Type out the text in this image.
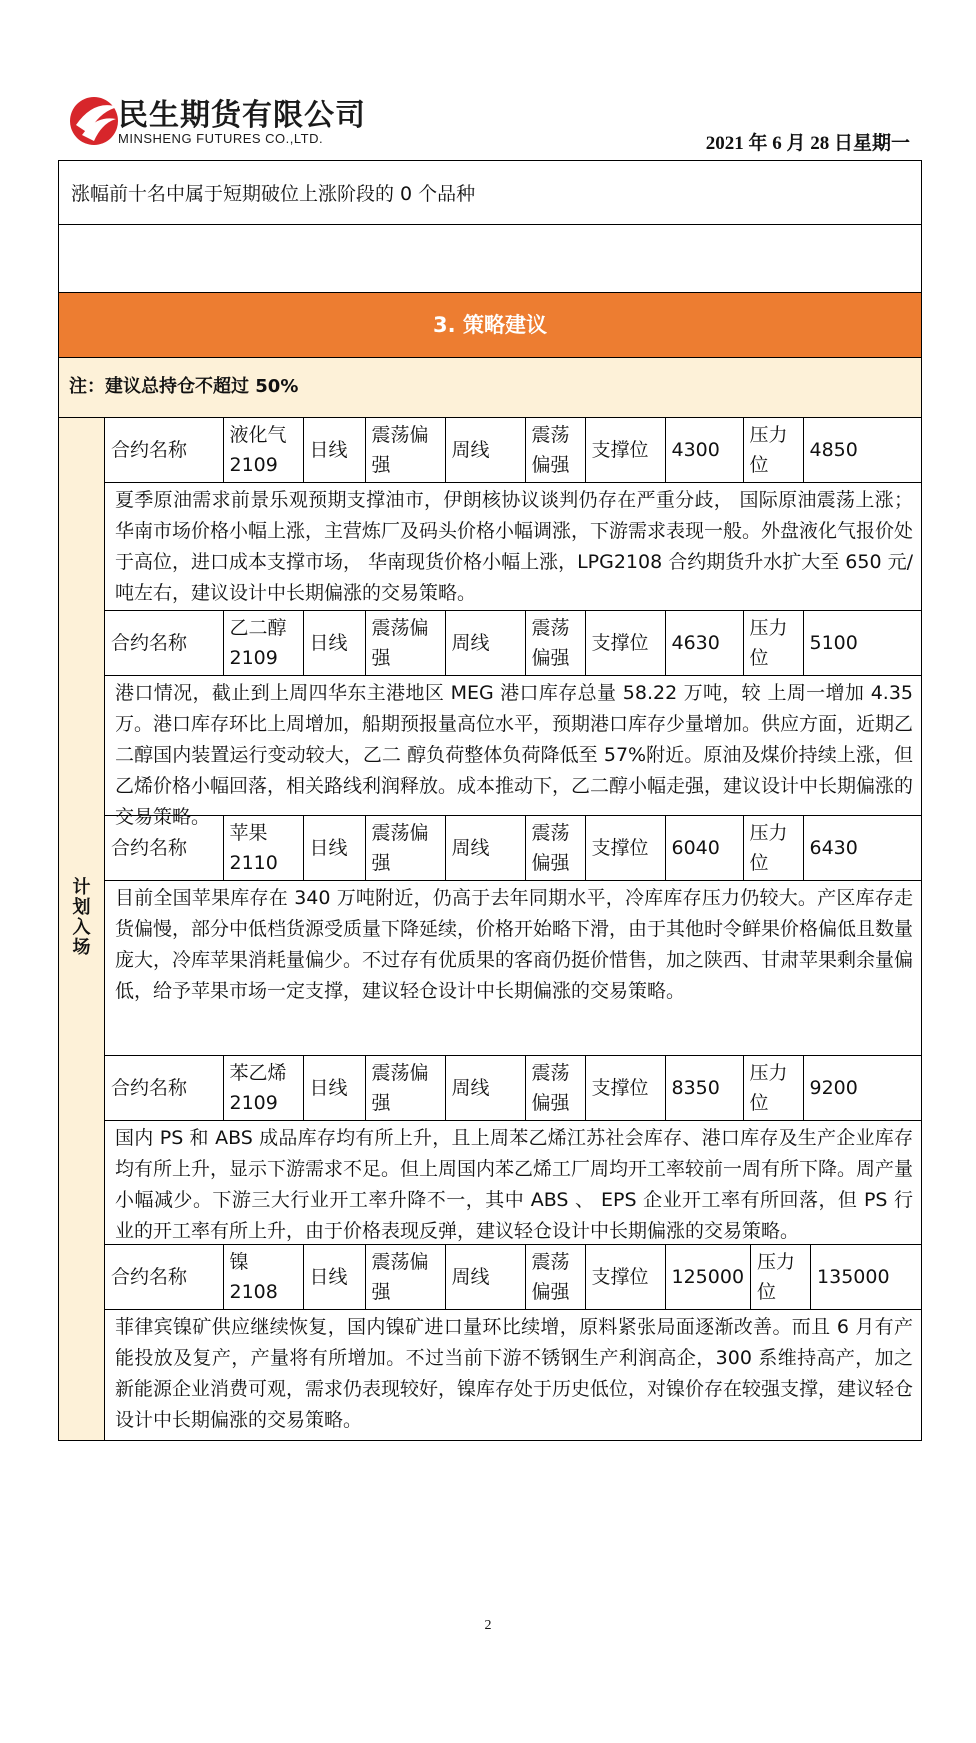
民生期货有限公司
MINSHENG FUTURES CO.,LTD.	2021 年 6 月 28 日星期一
涨幅前十名中属于短期破位上涨阶段的 0 个品种
3. 策略建议
注：建议总持仓不超过 50%
计
划
入
场
合约名称	液化气 2109	日线	震荡偏强	周线	震荡偏强	支撑位	4300	压力位	4850
夏季原油需求前景乐观预期支撑油市，伊朗核协议谈判仍存在严重分歧， 国际原油震荡上涨；华南市场价格小幅上涨，主营炼厂及码头价格小幅调涨，下游需求表现一般。外盘液化气报价处于高位，进口成本支撑市场， 华南现货价格小幅上涨，LPG2108 合约期货升水扩大至 650 元/吨左右，建议设计中长期偏涨的交易策略。
合约名称	乙二醇 2109	日线	震荡偏强	周线	震荡偏强	支撑位	4630	压力位	5100
港口情况，截止到上周四华东主港地区 MEG 港口库存总量 58.22 万吨，较 上周一增加 4.35 万。港口库存环比上周增加，船期预报量高位水平，预期港口库存少量增加。供应方面，近期乙二醇国内装置运行变动较大，乙二 醇负荷整体负荷降低至 57%附近。原油及煤价持续上涨，但乙烯价格小幅回落，相关路线利润释放。成本推动下，乙二醇小幅走强，建议设计中长期偏涨的交易策略。
合约名称	苹果 2110	日线	震荡偏强	周线	震荡偏强	支撑位	6040	压力位	6430
目前全国苹果库存在 340 万吨附近，仍高于去年同期水平，冷库库存压力仍较大。产区库存走货偏慢，部分中低档货源受质量下降延续，价格开始略下滑，由于其他时令鲜果价格偏低且数量庞大，冷库苹果消耗量偏少。不过存有优质果的客商仍挺价惜售，加之陕西、甘肃苹果剩余量偏低，给予苹果市场一定支撑，建议轻仓设计中长期偏涨的交易策略。
合约名称	苯乙烯 2109	日线	震荡偏强	周线	震荡偏强	支撑位	8350	压力位	9200
国内 PS 和 ABS 成品库存均有所上升，且上周苯乙烯江苏社会库存、港口库存及生产企业库存均有所上升，显示下游需求不足。但上周国内苯乙烯工厂周均开工率较前一周有所下降。周产量小幅减少。下游三大行业开工率升降不一，其中 ABS 、 EPS 企业开工率有所回落，但 PS 行业的开工率有所上升，由于价格表现反弹，建议轻仓设计中长期偏涨的交易策略。
合约名称	镍 2108	日线	震荡偏强	周线	震荡偏强	支撑位	125000	压力位	135000
菲律宾镍矿供应继续恢复，国内镍矿进口量环比续增，原料紧张局面逐渐改善。而且 6 月有产能投放及复产，产量将有所增加。不过当前下游不锈钢生产利润高企，300 系维持高产，加之新能源企业消费可观，需求仍表现较好，镍库存处于历史低位，对镍价存在较强支撑，建议轻仓设计中长期偏涨的交易策略。
2
